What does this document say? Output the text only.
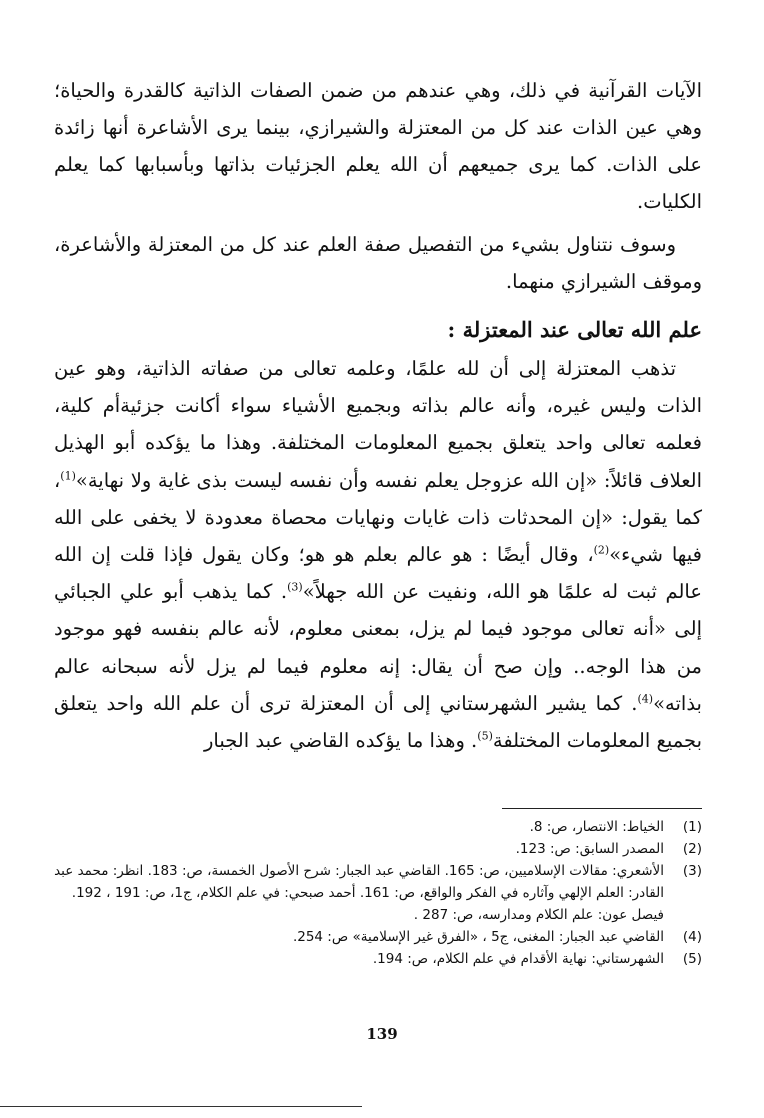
الآيات القرآنية في ذلك، وهي عندهم من ضمن الصفات الذاتية كالقدرة والحياة؛ وهي عين الذات عند كل من المعتزلة والشيرازي، بينما يرى الأشاعرة أنها زائدة على الذات. كما يرى جميعهم أن الله يعلم الجزئيات بذاتها وبأسبابها كما يعلم الكليات.

وسوف نتناول بشيء من التفصيل صفة العلم عند كل من المعتزلة والأشاعرة، وموقف الشيرازي منهما.

علم الله تعالى عند المعتزلة :

تذهب المعتزلة إلى أن لله علمًا، وعلمه تعالى من صفاته الذاتية، وهو عين الذات وليس غيره، وأنه عالم بذاته وبجميع الأشياء سواء أكانت جزئيةأم كلية، فعلمه تعالى واحد يتعلق بجميع المعلومات المختلفة. وهذا ما يؤكده أبو الهذيل العلاف قائلاً: «إن الله عزوجل يعلم نفسه وأن نفسه ليست بذى غاية ولا نهاية»$^{(1)}$، كما يقول: «إن المحدثات ذات غايات ونهايات محصاة معدودة لا يخفى على الله فيها شيء»$^{(2)}$، وقال أيضًا : هو عالم بعلم هو هو؛ وكان يقول فإذا قلت إن الله عالم ثبت له علمًا هو الله، ونفيت عن الله جهلاً»$^{(3)}$. كما يذهب أبو علي الجبائي إلى «أنه تعالى موجود فيما لم يزل، بمعنى معلوم، لأنه عالم بنفسه فهو موجود من هذا الوجه.. وإن صح أن يقال: إنه معلوم فيما لم يزل لأنه سبحانه عالم بذاته»$^{(4)}$. كما يشير الشهرستاني إلى أن المعتزلة ترى أن علم الله واحد يتعلق بجميع المعلومات المختلفة$^{(5)}$. وهذا ما يؤكده القاضي عبد الجبار

(1)
الخياط: الانتصار، ص: 8.
(2)
المصدر السابق: ص: 123.
(3)
الأشعري: مقالات الإسلاميين، ص: 165. القاضي عبد الجبار: شرح الأصول الخمسة، ص: 183. انظر: محمد عبد القادر: العلم الإلهي وآثاره في الفكر والواقع، ص: 161. أحمد صبحي: في علم الكلام، ج1، ص: 191 ، 192. فيصل عون: علم الكلام ومدارسه، ص: 287 .
(4)
القاضي عبد الجبار: المغنى، ج5 ، «الفرق غير الإسلامية» ص: 254.
(5)
الشهرستاني: نهاية الأقدام في علم الكلام، ص: 194.
139
